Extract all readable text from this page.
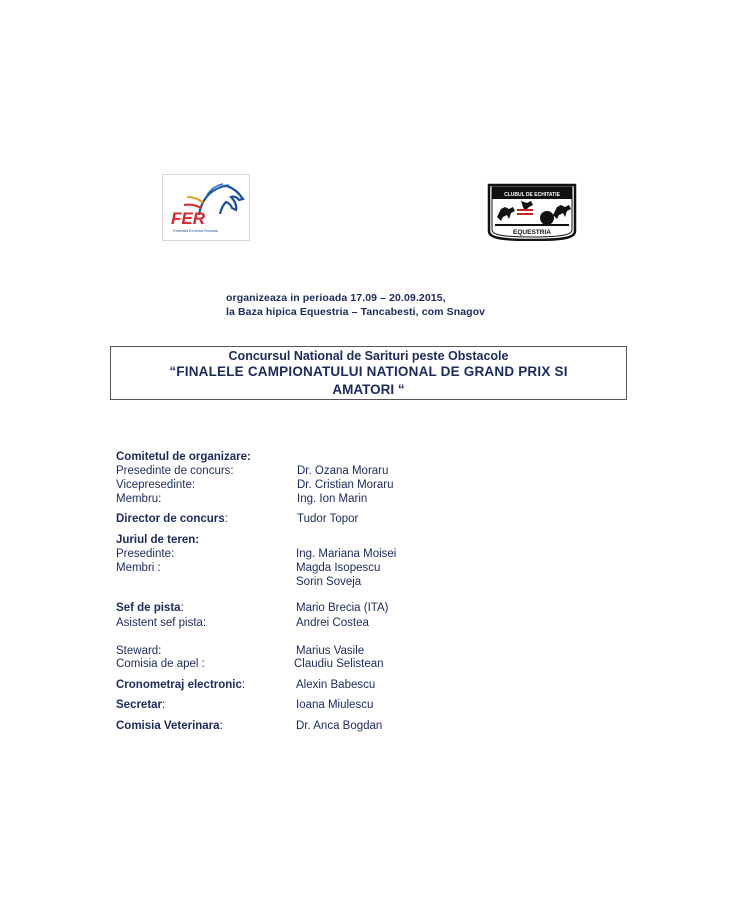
FER
Federatia Ecvestra Romana
CLUBUL DE ECHITATIE
EQUESTRIA
organizeaza in perioada 17.09 – 20.09.2015,
la Baza hipica Equestria – Tancabesti, com Snagov
Concursul National de Sarituri peste Obstacole
“FINALELE CAMPIONATULUI NATIONAL DE GRAND PRIX SI
AMATORI “
Comitetul de organizare:
Presedinte de concurs:	Dr. Ozana Moraru
Vicepresedinte:	Dr. Cristian Moraru
Membru:	Ing. Ion Marin
Director de concurs:	Tudor Topor
Juriul de teren:
Presedinte:	Ing. Mariana Moisei
Membri :	Magda Isopescu
Sorin Soveja
Sef de pista:	Mario Brecia (ITA)
Asistent sef pista:	Andrei Costea
Steward:	Marius Vasile
Comisia de apel :	Claudiu Selistean
Cronometraj electronic:	Alexin Babescu
Secretar:	Ioana Miulescu
Comisia Veterinara:	Dr. Anca Bogdan
